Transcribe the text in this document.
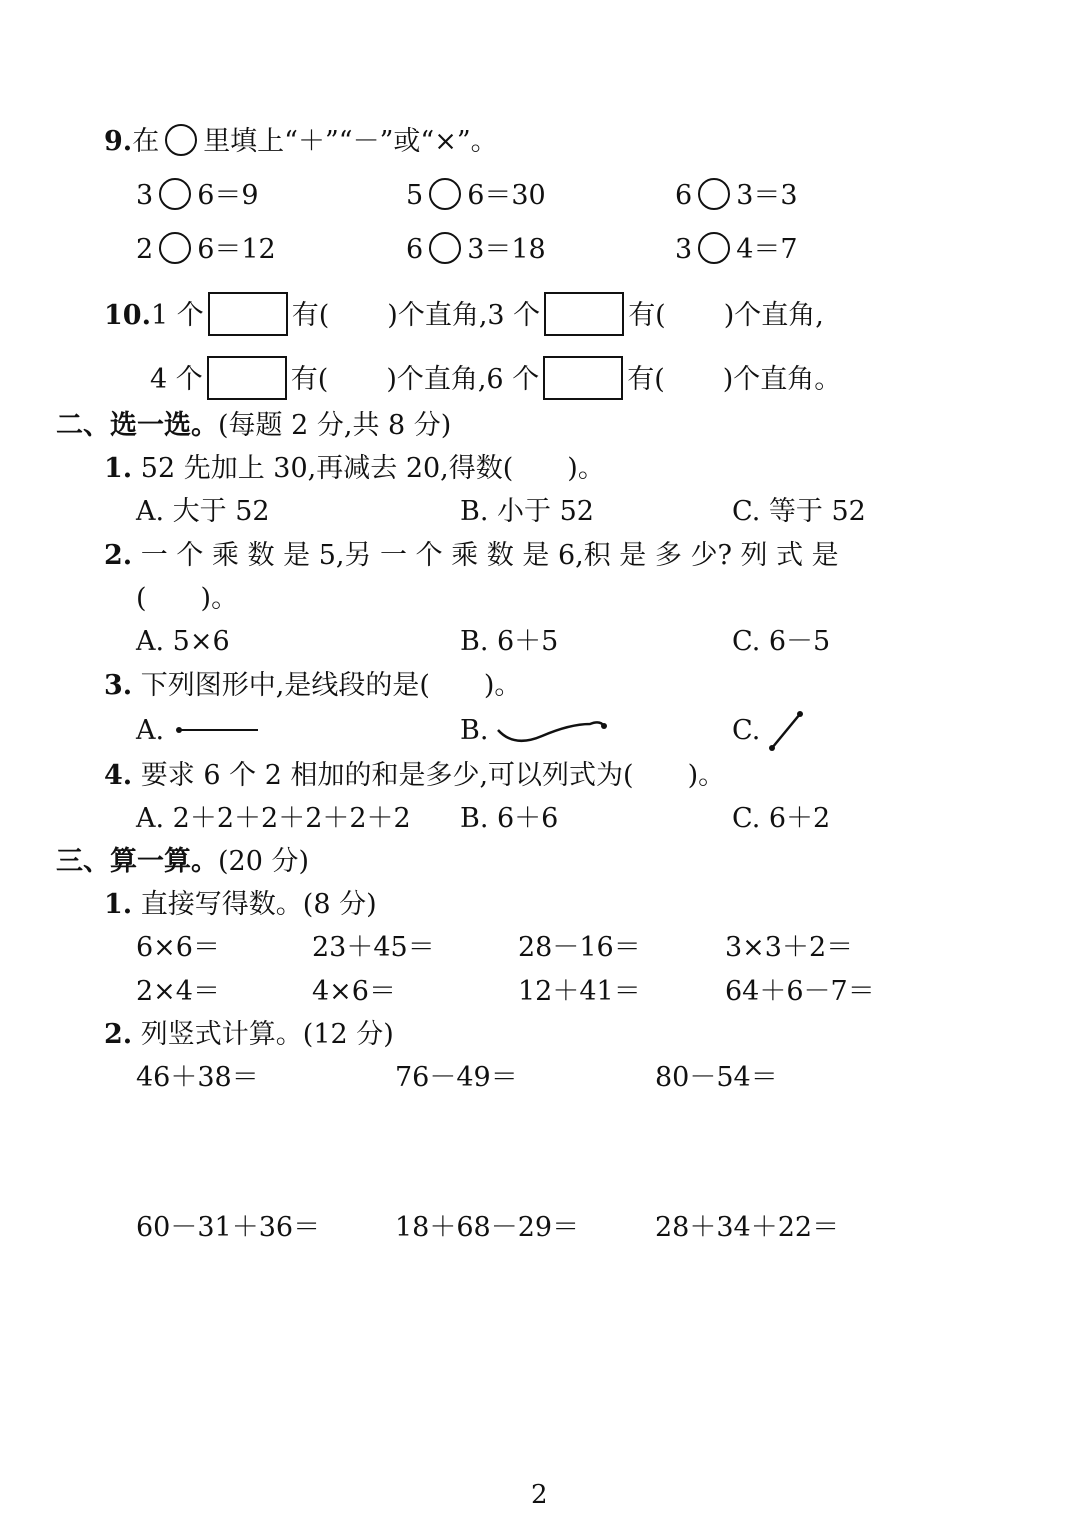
9.在 里填上“＋”“－”或“×”。
3 6＝9	5 6＝30	6 3＝3
2 6＝12	6 3＝18	3 4＝7
10.1 个	有( )个直角,3 个	有( )个直角,
4 个	有( )个直角,6 个	有( )个直角。
二、选一选。(每题 2 分,共 8 分)
1. 52 先加上 30,再减去 20,得数(　　)。
A. 大于 52	B. 小于 52	C. 等于 52
2. 一 个 乘 数 是 5,另 一 个 乘 数 是 6,积 是 多 少? 列 式 是
(　　)。
A. 5×6	B. 6＋5	C. 6－5
3. 下列图形中,是线段的是(　　)。
A.	B.	C.
4. 要求 6 个 2 相加的和是多少,可以列式为(　　)。
A. 2＋2＋2＋2＋2＋2 B. 6＋6	C. 6＋2
三、算一算。(20 分)
1. 直接写得数。(8 分)
6×6＝	23＋45＝	28－16＝	3×3＋2＝
2×4＝	4×6＝	12＋41＝	64＋6－7＝
2. 列竖式计算。(12 分)
46＋38＝	76－49＝	80－54＝
60－31＋36＝	18＋68－29＝	28＋34＋22＝
2
